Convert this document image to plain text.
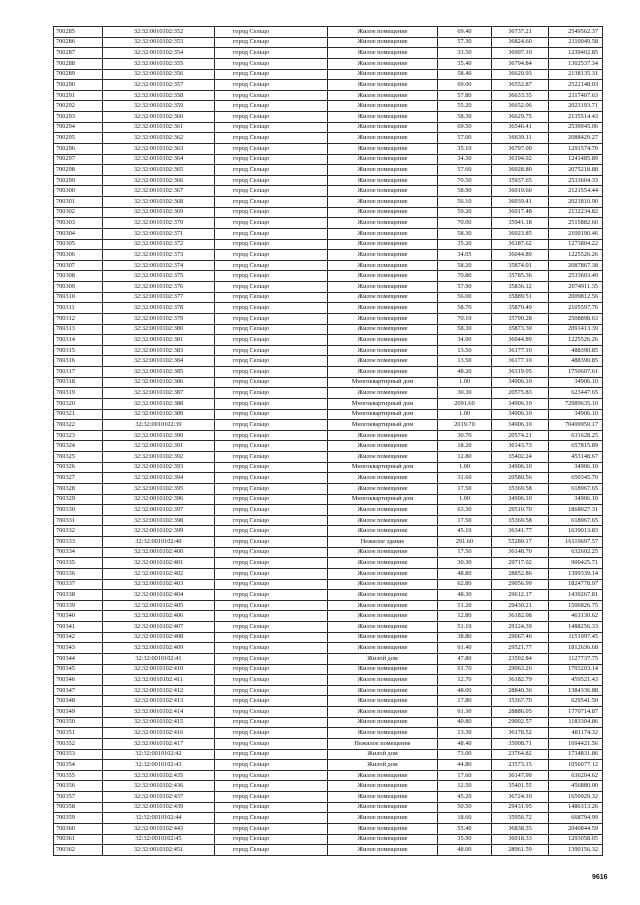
700285	32:32:0010102:352	город Сельцо	Жилое помещение	69.40	36737.21	2549562.37
700286	32:32:0010102:353	город Сельцо	Жилое помещение	57.30	36824.60	2110049.58
700287	32:32:0010102:354	город Сельцо	Жилое помещение	33.50	36997.10	1239402.85
700288	32:32:0010102:355	город Сельцо	Жилое помещение	35.40	36794.84	1302537.34
700289	32:32:0010102:356	город Сельцо	Жилое помещение	58.40	36620.93	2138135.31
700290	32:32:0010102:357	город Сельцо	Жилое помещение	69.00	36552.87	2522148.03
700291	32:32:0010102:358	город Сельцо	Жилое помещение	57.80	36633.35	2117407.63
700292	32:32:0010102:359	город Сельцо	Жилое помещение	55.20	36652.06	2023193.71
700293	32:32:0010102:360	город Сельцо	Жилое помещение	58.30	36629.75	2135514.43
700294	32:32:0010102:361	город Сельцо	Жилое помещение	69.50	36546.41	2539945.06
700295	32:32:0010102:362	город Сельцо	Жилое помещение	57.00	36639.11	2088429.27
700296	32:32:0010102:363	город Сельцо	Жилое помещение	35.10	36797.00	1291574.70
700297	32:32:0010102:364	город Сельцо	Жилое помещение	34.30	36194.92	1241485.89
700298	32:32:0010102:365	город Сельцо	Жилое помещение	57.60	36028.80	2075218.88
700299	32:32:0010102:366	город Сельцо	Жилое помещение	70.50	35937.65	2533604.33
700300	32:32:0010102:367	город Сельцо	Жилое помещение	58.90	36019.60	2121554.44
700301	32:32:0010102:368	город Сельцо	Жилое помещение	56.10	36039.41	2021810.90
700302	32:32:0010102:369	город Сельцо	Жилое помещение	59.20	36017.48	2132234.82
700303	32:32:0010102:370	город Сельцо	Жилое помещение	70.00	35941.18	2515882.60
700304	32:32:0010102:371	город Сельцо	Жилое помещение	58.30	36023.85	2100190.46
700305	32:32:0010102:372	город Сельцо	Жилое помещение	35.20	36187.62	1273804.22
700306	32:32:0010102:373	город Сельцо	Жилое помещение	34.05	36044.89	1225526.26
700307	32:32:0010102:374	город Сельцо	Жилое помещение	58.20	35874.01	2087867.38
700308	32:32:0010102:375	город Сельцо	Жилое помещение	70.80	35785.36	2533603.49
700309	32:32:0010102:376	город Сельцо	Жилое помещение	57.90	35836.12	2074911.35
700310	32:32:0010102:377	город Сельцо	Жилое помещение	56.00	35889.51	2009812.56
700311	32:32:0010102:378	город Сельцо	Жилое помещение	58.70	35870.49	2105597.76
700312	32:32:0010102:379	город Сельцо	Жилое помещение	70.10	35790.28	2508898.63
700313	32:32:0010102:380	город Сельцо	Жилое помещение	58.30	35873.30	2091413.39
700314	32:32:0010102:381	город Сельцо	Жилое помещение	34.00	36044.89	1225526.26
700315	32:32:0010102:383	город Сельцо	Жилое помещение	13.50	36177.10	488390.85
700316	32:32:0010102:384	город Сельцо	Жилое помещение	13.50	36177.10	488390.85
700317	32:32:0010102:385	город Сельцо	Жилое помещение	48.20	36319.05	1750607.61
700318	32:32:0010102:386	город Сельцо	Многоквартирный дом	1.00	34906.10	34906.10
700319	32:32:0010102:387	город Сельцо	Жилое помещение	30.30	20575.83	623447.65
700320	32:32:0010102:388	город Сельцо	Многоквартирный дом	2091.60	34906.10	72989635.10
700321	32:32:0010102:389	город Сельцо	Многоквартирный дом	1.00	34906.10	34906.10
700322	32:32:0010102:39	город Сельцо	Многоквартирный дом	2019.70	34906.10	70499950.17
700323	32:32:0010102:390	город Сельцо	Жилое помещение	30.70	20574.21	631628.25
700324	32:32:0010102:391	город Сельцо	Жилое помещение	18.20	36143.73	657815.89
700325	32:32:0010102:392	город Сельцо	Жилое помещение	12.80	35402.24	453148.67
700326	32:32:0010102:393	город Сельцо	Многоквартирный дом	1.00	34906.10	34906.10
700327	32:32:0010102:394	город Сельцо	Жилое помещение	31.60	20580.56	650345.70
700328	32:32:0010102:395	город Сельцо	Жилое помещение	17.50	35369.58	618967.65
700329	32:32:0010102:396	город Сельцо	Многоквартирный дом	1.00	34906.10	34906.10
700330	32:32:0010102:397	город Сельцо	Жилое помещение	63.30	29510.70	1868027.31
700331	32:32:0010102:398	город Сельцо	Жилое помещение	17.50	35369.58	618967.65
700332	32:32:0010102:399	город Сельцо	Жилое помещение	45.10	36341.77	1639013.83
700333	32:32:0010102:40	город Сельцо	Нежилое здание	291.60	55280.17	16119697.57
700334	32:32:0010102:400	город Сельцо	Жилое помещение	17.50	36148.70	632602.25
700335	32:32:0010102:401	город Сельцо	Жилое помещение	30.30	29717.02	900425.71
700336	32:32:0010102:402	город Сельцо	Жилое помещение	48.80	28852.86	1399339.14
700337	32:32:0010102:403	город Сельцо	Жилое помещение	62.80	29056.99	1824778.97
700338	32:32:0010102:404	город Сельцо	Жилое помещение	48.30	29612.17	1430267.81
700339	32:32:0010102:405	город Сельцо	Жилое помещение	51.20	29430.21	1506826.75
700340	32:32:0010102:406	город Сельцо	Жилое помещение	12.80	36182.08	463130.62
700341	32:32:0010102:407	город Сельцо	Жилое помещение	51.10	29124.39	1488256.33
700342	32:32:0010102:408	город Сельцо	Жилое помещение	38.80	29667.46	1151097.45
700343	32:32:0010102:409	город Сельцо	Жилое помещение	61.40	29521.77	1812636.68
700344	32:32:0010102:41	город Сельцо	Жилой дом	47.80	23592.84	1127737.75
700345	32:32:0010102:410	город Сельцо	Жилое помещение	61.70	29063.26	1793203.14
700346	32:32:0010102:411	город Сельцо	Жилое помещение	12.70	36182.79	459521.43
700347	32:32:0010102:412	город Сельцо	Жилое помещение	48.00	28840.36	1384336.88
700348	32:32:0010102:413	город Сельцо	Жилое помещение	17.80	35367.70	629541.50
700349	32:32:0010102:414	город Сельцо	Жилое помещение	61.30	28886.05	1770714.87
700350	32:32:0010102:415	город Сельцо	Жилое помещение	40.80	29002.57	1183304.86
700351	32:32:0010102:416	город Сельцо	Жилое помещение	13.30	36178.52	481174.32
700352	32:32:0010102:417	город Сельцо	Нежилое помещение	48.40	35008.71	1694421.56
700353	32:32:0010102:42	город Сельцо	Жилой дом	73.00	23764.82	1734831.86
700354	32:32:0010102:43	город Сельцо	Жилой дом	44.80	23573.15	1056077.12
700355	32:32:0010102:435	город Сельцо	Жилое помещение	17.60	36147.99	636204.62
700356	32:32:0010102:436	город Сельцо	Жилое помещение	12.50	35401.55	456880.00
700357	32:32:0010102:437	город Сельцо	Жилое помещение	45.20	36724.10	1659929.32
700358	32:32:0010102:439	город Сельцо	Жилое помещение	50.50	29431.95	1486313.26
700359	32:32:0010102:44	город Сельцо	Жилое помещение	18.60	35956.72	668794.99
700360	32:32:0010102:443	город Сельцо	Жилое помещение	55.40	36838.35	2040844.59
700361	32:32:0010102:45	город Сельцо	Жилое помещение	35.90	36018.33	1293058.05
700362	32:32:0010102:451	город Сельцо	Жилое помещение	48.00	28961.59	1390156.32
9616
